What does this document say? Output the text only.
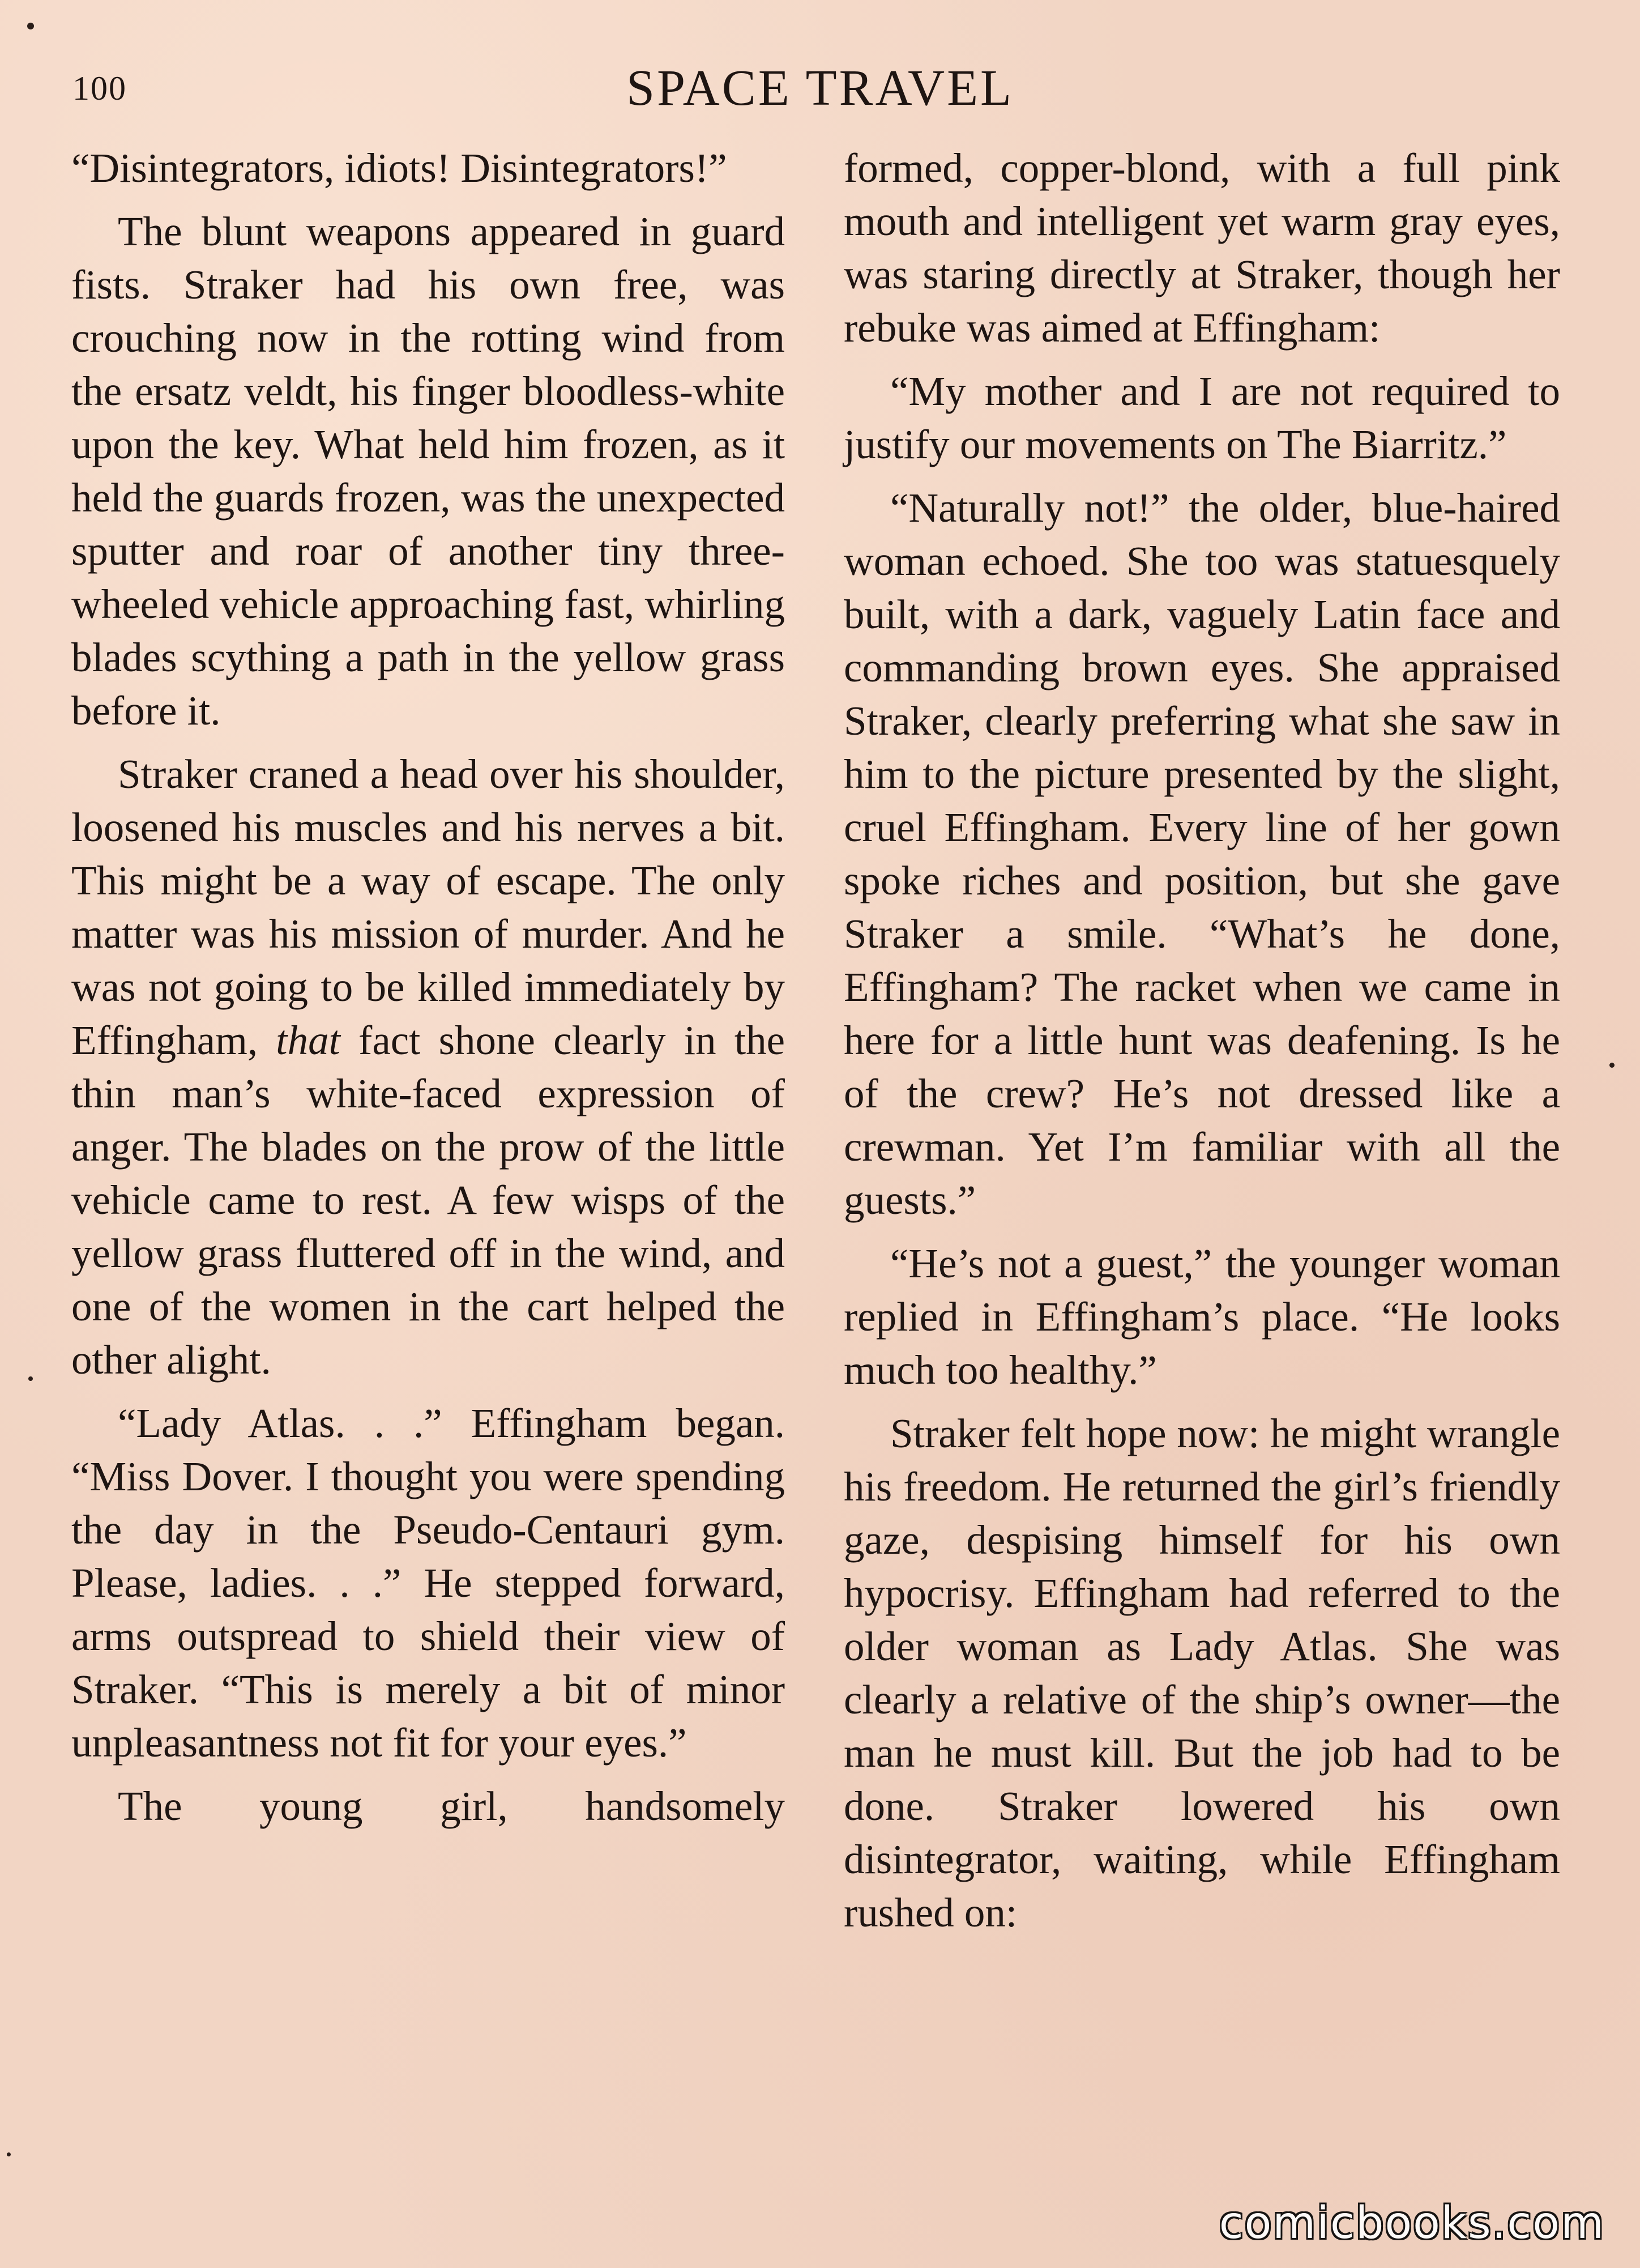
100	SPACE TRAVEL

“Disintegrators, idiots! Disintegrators!”

The blunt weapons appeared in guard fists. Straker had his own free, was crouching now in the rotting wind from the ersatz veldt, his finger bloodless-white upon the key. What held him frozen, as it held the guards frozen, was the unexpected sputter and roar of another tiny three-wheeled vehicle approaching fast, whirling blades scything a path in the yellow grass before it.

Straker craned a head over his shoulder, loosened his muscles and his nerves a bit. This might be a way of escape. The only matter was his mission of murder. And he was not going to be killed immediately by Effingham, that fact shone clearly in the thin man’s white-faced expression of anger. The blades on the prow of the little vehicle came to rest. A few wisps of the yellow grass fluttered off in the wind, and one of the women in the cart helped the other alight.

“Lady Atlas. . .” Effingham began. “Miss Dover. I thought you were spending the day in the Pseudo-Centauri gym. Please, ladies. . .” He stepped forward, arms outspread to shield their view of Straker. “This is merely a bit of minor unpleasantness not fit for your eyes.”

The young girl, handsomely

formed, copper-blond, with a full pink mouth and intelligent yet warm gray eyes, was staring directly at Straker, though her rebuke was aimed at Effingham:

“My mother and I are not required to justify our movements on The Biarritz.”

“Naturally not!” the older, blue-haired woman echoed. She too was statuesquely built, with a dark, vaguely Latin face and commanding brown eyes. She appraised Straker, clearly preferring what she saw in him to the picture presented by the slight, cruel Effingham. Every line of her gown spoke riches and position, but she gave Straker a smile. “What’s he done, Effingham? The racket when we came in here for a little hunt was deafening. Is he of the crew? He’s not dressed like a crewman. Yet I’m familiar with all the guests.”

“He’s not a guest,” the younger woman replied in Effingham’s place. “He looks much too healthy.”

Straker felt hope now: he might wrangle his freedom. He returned the girl’s friendly gaze, despising himself for his own hypocrisy. Effingham had referred to the older woman as Lady Atlas. She was clearly a relative of the ship’s owner—the man he must kill. But the job had to be done. Straker lowered his own disintegrator, waiting, while Effingham rushed on:

comicbooks.com
